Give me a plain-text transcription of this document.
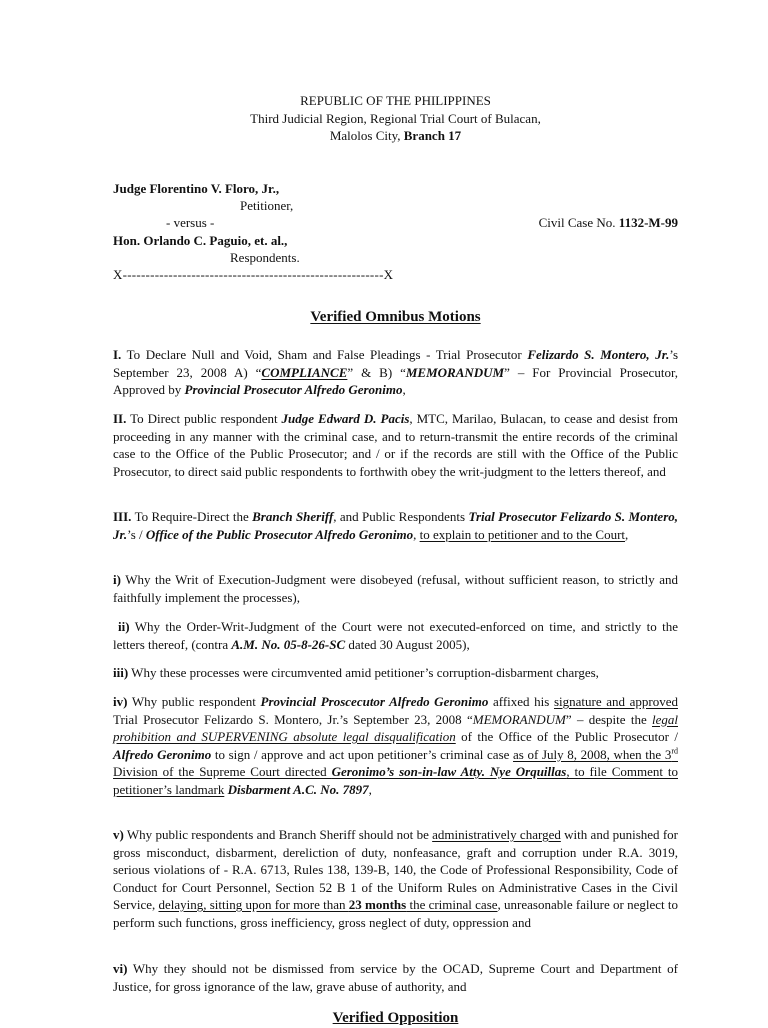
REPUBLIC OF THE PHILIPPINES
Third Judicial Region, Regional Trial Court of Bulacan,
Malolos City, Branch 17
Judge Florentino V. Floro, Jr.,
Petitioner,
- versus -	Civil Case No. 1132-M-99
Hon. Orlando C. Paguio, et. al.,
Respondents.
X---------------------------------------------------------X
Verified Omnibus Motions
I. To Declare Null and Void, Sham and False Pleadings - Trial Prosecutor Felizardo S. Montero, Jr.’s September 23, 2008 A) “COMPLIANCE” & B) “MEMORANDUM” – For Provincial Prosecutor, Approved by Provincial Prosecutor Alfredo Geronimo,
II. To Direct public respondent Judge Edward D. Pacis, MTC, Marilao, Bulacan, to cease and desist from proceeding in any manner with the criminal case, and to return-transmit the entire records of the criminal case to the Office of the Public Prosecutor; and / or if the records are still with the Office of the Public Prosecutor, to direct said public respondents to forthwith obey the writ-judgment to the letters thereof, and
III. To Require-Direct the Branch Sheriff, and Public Respondents Trial Prosecutor Felizardo S. Montero, Jr.’s / Office of the Public Prosecutor Alfredo Geronimo, to explain to petitioner and to the Court,
i) Why the Writ of Execution-Judgment were disobeyed (refusal, without sufficient reason, to strictly and faithfully implement the processes),
ii) Why the Order-Writ-Judgment of the Court were not executed-enforced on time, and strictly to the letters thereof, (contra A.M. No. 05-8-26-SC dated 30 August 2005),
iii) Why these processes were circumvented amid petitioner’s corruption-disbarment charges,
iv) Why public respondent Provincial Proscecutor Alfredo Geronimo affixed his signature and approved Trial Prosecutor Felizardo S. Montero, Jr.’s September 23, 2008 “MEMORANDUM” – despite the legal prohibition and SUPERVENING absolute legal disqualification of the Office of the Public Prosecutor / Alfredo Geronimo to sign / approve and act upon petitioner’s criminal case as of July 8, 2008, when the 3rd Division of the Supreme Court directed Geronimo’s son-in-law Atty. Nye Orquillas, to file Comment to petitioner’s landmark Disbarment A.C. No. 7897,
v) Why public respondents and Branch Sheriff should not be administratively charged with and punished for gross misconduct, disbarment, dereliction of duty, nonfeasance, graft and corruption under R.A. 3019, serious violations of - R.A. 6713, Rules 138, 139-B, 140, the Code of Professional Responsibility, Code of Conduct for Court Personnel, Section 52 B 1 of the Uniform Rules on Administrative Cases in the Civil Service, delaying, sitting upon for more than 23 months the criminal case, unreasonable failure or neglect to perform such functions, gross inefficiency, gross neglect of duty, oppression and
vi) Why they should not be dismissed from service by the OCAD, Supreme Court and Department of Justice, for gross ignorance of the law, grave abuse of authority, and
Verified Opposition
